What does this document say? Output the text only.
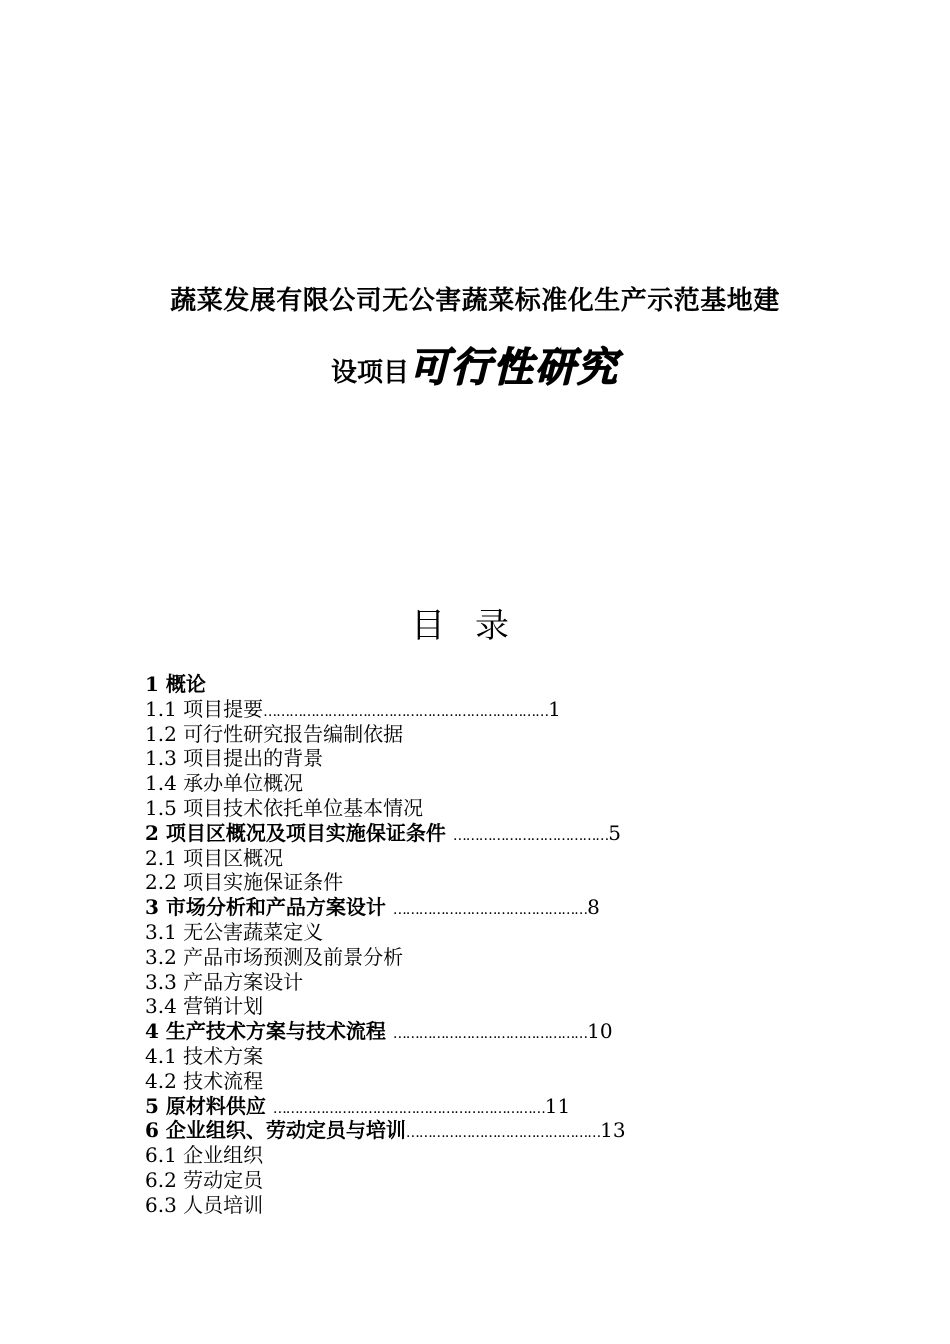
蔬菜发展有限公司无公害蔬菜标准化生产示范基地建
设项目可行性研究
目录
1 概论
1.1 项目提要…………………………………………………………1
1.2 可行性研究报告编制依据
1.3 项目提出的背景
1.4 承办单位概况
1.5 项目技术依托单位基本情况
2 项目区概况及项目实施保证条件 ………………………………5
2.1 项目区概况
2.2 项目实施保证条件
3 市场分析和产品方案设计 ………………………………………8
3.1 无公害蔬菜定义
3.2 产品市场预测及前景分析
3.3 产品方案设计
3.4 营销计划
4 生产技术方案与技术流程 ………………………………………10
4.1 技术方案
4.2 技术流程
5 原材料供应 ………………………………………………………11
6 企业组织、劳动定员与培训………………………………………13
6.1 企业组织
6.2 劳动定员
6.3 人员培训
